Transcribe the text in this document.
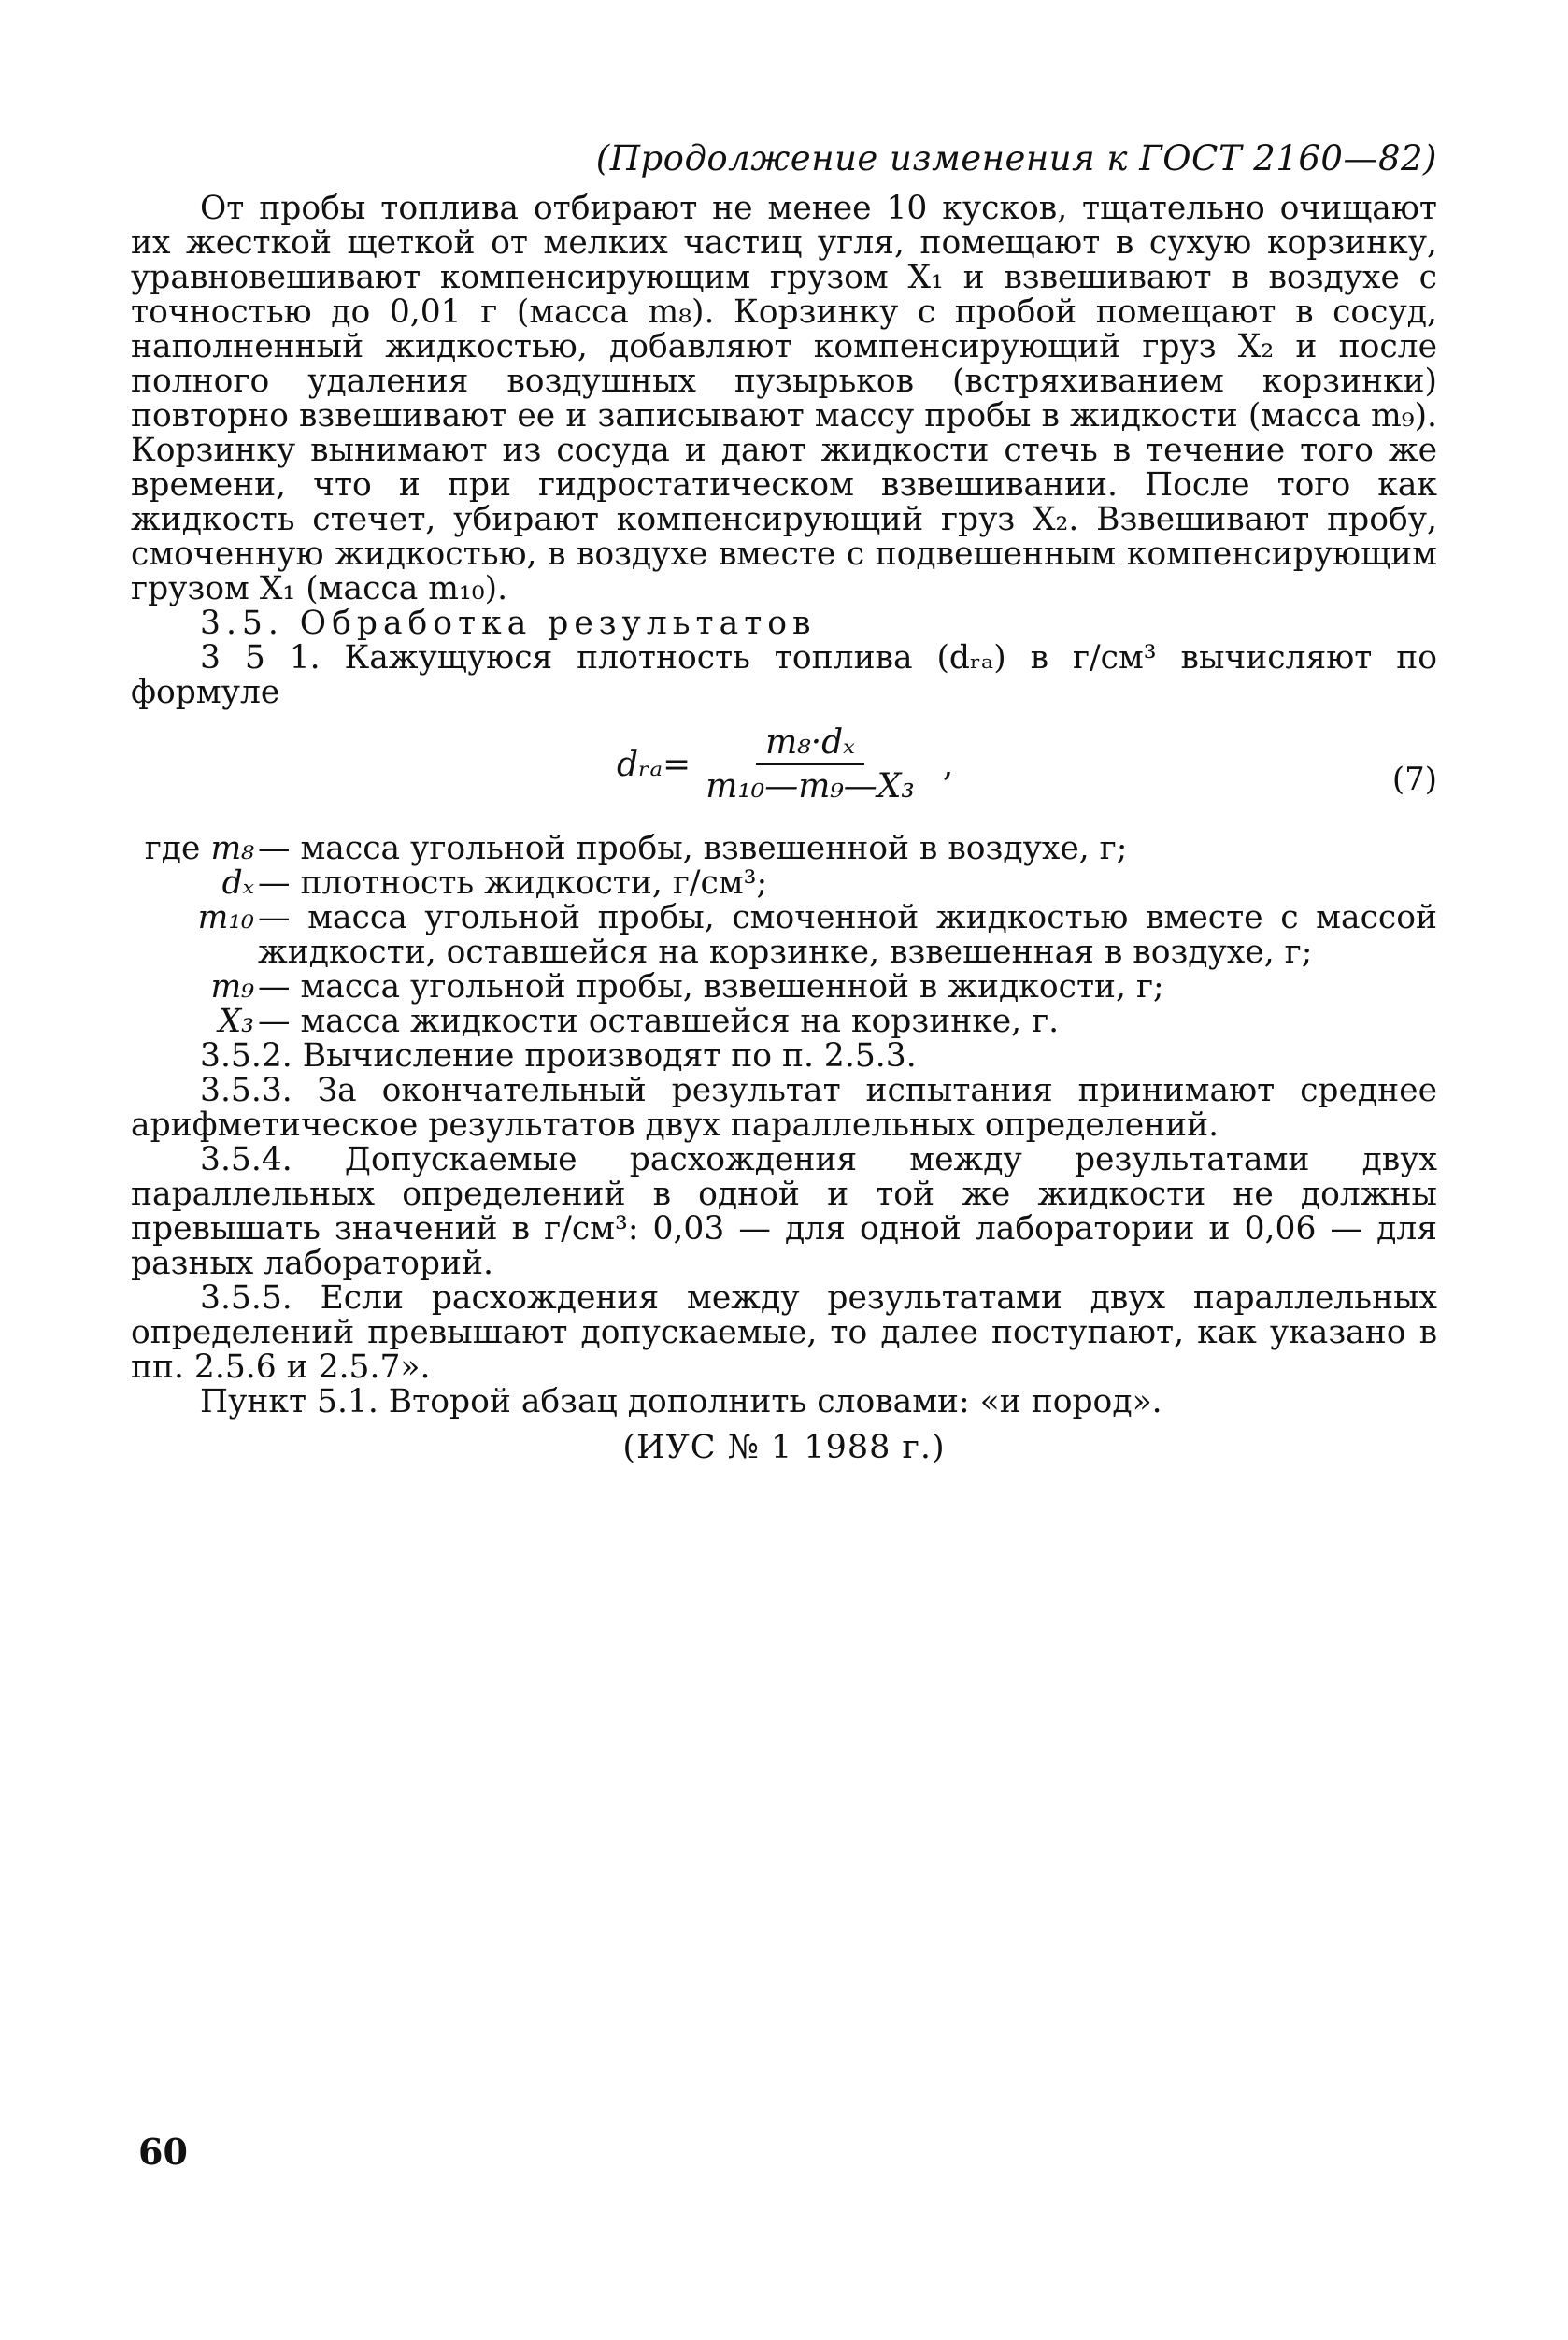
(Продолжение изменения к ГОСТ 2160—82)

От пробы топлива отбирают не менее 10 кусков, тщательно очищают их жесткой щеткой от мелких частиц угля, помещают в сухую корзинку, уравновешивают компенсирующим грузом X₁ и взвешивают в воздухе с точностью до 0,01 г (масса m₈). Корзинку с пробой помещают в сосуд, наполненный жидкостью, добавляют компенсирующий груз X₂ и после полного удаления воздушных пузырьков (встряхиванием корзинки) повторно взвешивают ее и записывают массу пробы в жидкости (масса m₉). Корзинку вынимают из сосуда и дают жидкости стечь в течение того же времени, что и при гидростатическом взвешивании. После того как жидкость стечет, убирают компенсирующий груз X₂. Взвешивают пробу, смоченную жидкостью, в воздухе вместе с подвешенным компенсирующим грузом X₁ (масса m₁₀).

3.5. Обработка результатов

3 5 1. Кажущуюся плотность топлива (dᵣₐ) в г/см³ вычисляют по формуле

dᵣₐ= $\frac{\text{m₈·dₓ}}{\text{m₁₀—m₉—X₃}}$ ,	(7)
где m₈ — масса угольной пробы, взвешенной в воздухе, г;
dₓ — плотность жидкости, г/см³;
m₁₀ — масса угольной пробы, смоченной жидкостью вместе с массой жидкости, оставшейся на корзинке, взвешенная в воздухе, г;
m₉ — масса угольной пробы, взвешенной в жидкости, г;
X₃ — масса жидкости оставшейся на корзинке, г.

3.5.2. Вычисление производят по п. 2.5.3.

3.5.3. За окончательный результат испытания принимают среднее арифметическое результатов двух параллельных определений.

3.5.4. Допускаемые расхождения между результатами двух параллельных определений в одной и той же жидкости не должны превышать значений в г/см³: 0,03 — для одной лаборатории и 0,06 — для разных лабораторий.

3.5.5. Если расхождения между результатами двух параллельных определений превышают допускаемые, то далее поступают, как указано в пп. 2.5.6 и 2.5.7».

Пункт 5.1. Второй абзац дополнить словами: «и пород».

(ИУС № 1 1988 г.)
60
